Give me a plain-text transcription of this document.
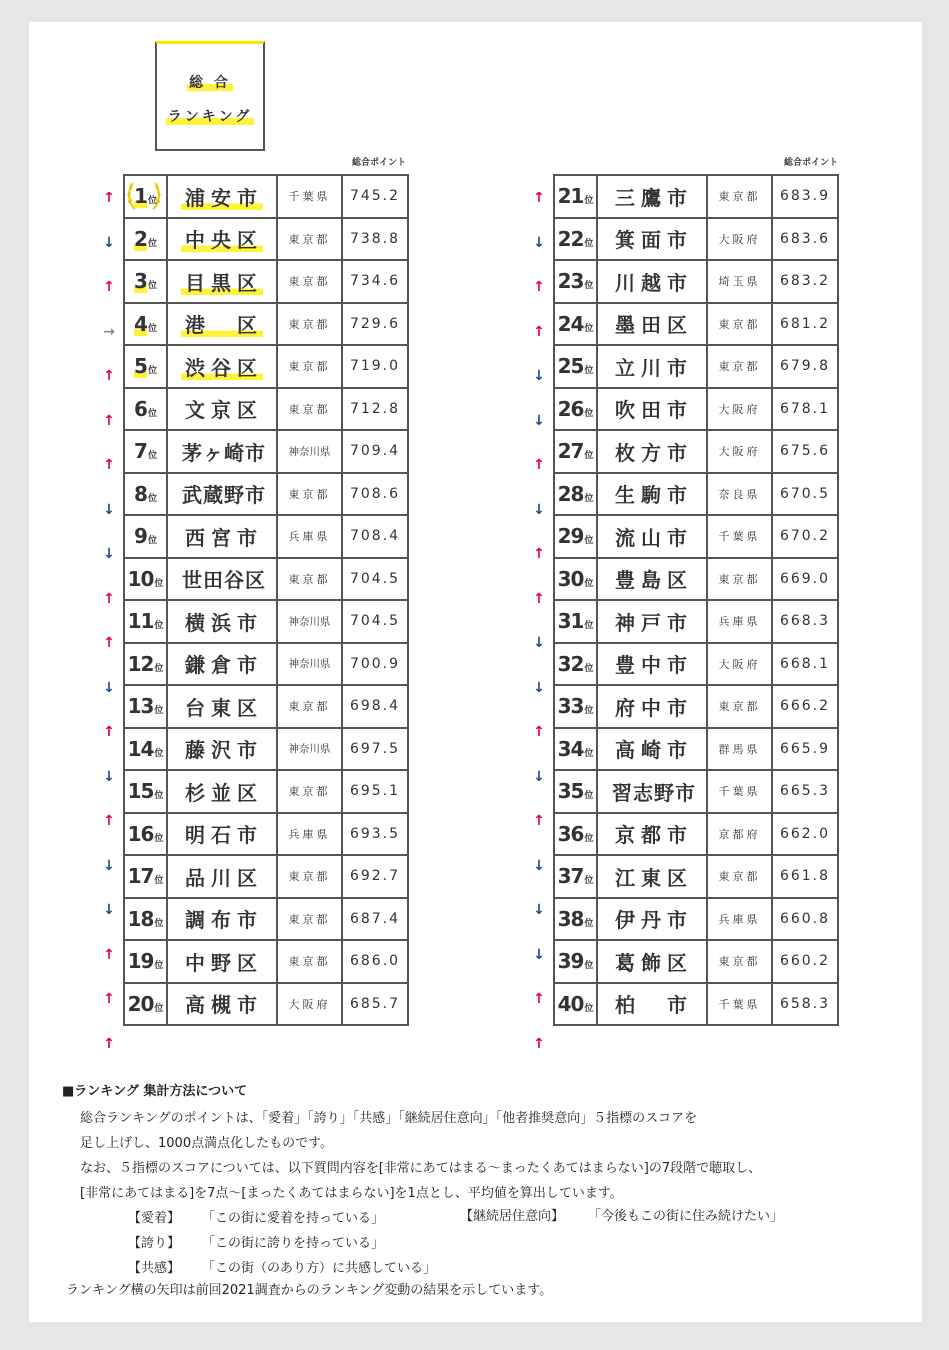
総 合
ランキング
総合ポイント	総合ポイント
↑
↓
↑
→
↑
↑
↑
↓
↓
↑
↑
↓
↑
↓
↑
↓
↓
↑
↑
↑
1位	浦安市	千葉県	745.2
2位	中央区	東京都	738.8
3位	目黒区	東京都	734.6
4位	港　区	東京都	729.6
5位	渋谷区	東京都	719.0
6位	文京区	東京都	712.8
7位	茅ヶ崎市	神奈川県	709.4
8位	武蔵野市	東京都	708.6
9位	西宮市	兵庫県	708.4
10位	世田谷区	東京都	704.5
11位	横浜市	神奈川県	704.5
12位	鎌倉市	神奈川県	700.9
13位	台東区	東京都	698.4
14位	藤沢市	神奈川県	697.5
15位	杉並区	東京都	695.1
16位	明石市	兵庫県	693.5
17位	品川区	東京都	692.7
18位	調布市	東京都	687.4
19位	中野区	東京都	686.0
20位	高槻市	大阪府	685.7
↑
↓
↑
↑
↓
↓
↑
↓
↑
↑
↓
↓
↑
↓
↑
↓
↓
↓
↑
↑
21位	三鷹市	東京都	683.9
22位	箕面市	大阪府	683.6
23位	川越市	埼玉県	683.2
24位	墨田区	東京都	681.2
25位	立川市	東京都	679.8
26位	吹田市	大阪府	678.1
27位	枚方市	大阪府	675.6
28位	生駒市	奈良県	670.5
29位	流山市	千葉県	670.2
30位	豊島区	東京都	669.0
31位	神戸市	兵庫県	668.3
32位	豊中市	大阪府	668.1
33位	府中市	東京都	666.2
34位	高崎市	群馬県	665.9
35位	習志野市	千葉県	665.3
36位	京都市	京都府	662.0
37位	江東区	東京都	661.8
38位	伊丹市	兵庫県	660.8
39位	葛飾区	東京都	660.2
40位	柏　市	千葉県	658.3

■ランキング 集計方法について

総合ランキングのポイントは、「愛着」「誇り」「共感」「継続居住意向」「他者推奨意向」５指標のスコアを

足し上げし、1000点満点化したものです。

なお、５指標のスコアについては、以下質問内容を[非常にあてはまる〜まったくあてはまらない]の7段階で聴取し、

[非常にあてはまる]を7点〜[まったくあてはまらない]を1点とし、平均値を算出しています。

【愛着】 「この街に愛着を持っている」	【継続居住意向】 「今後もこの街に住み続けたい」

【誇り】 「この街に誇りを持っている」

【共感】 「この街（のあり方）に共感している」

ランキング横の矢印は前回2021調査からのランキング変動の結果を示しています。
